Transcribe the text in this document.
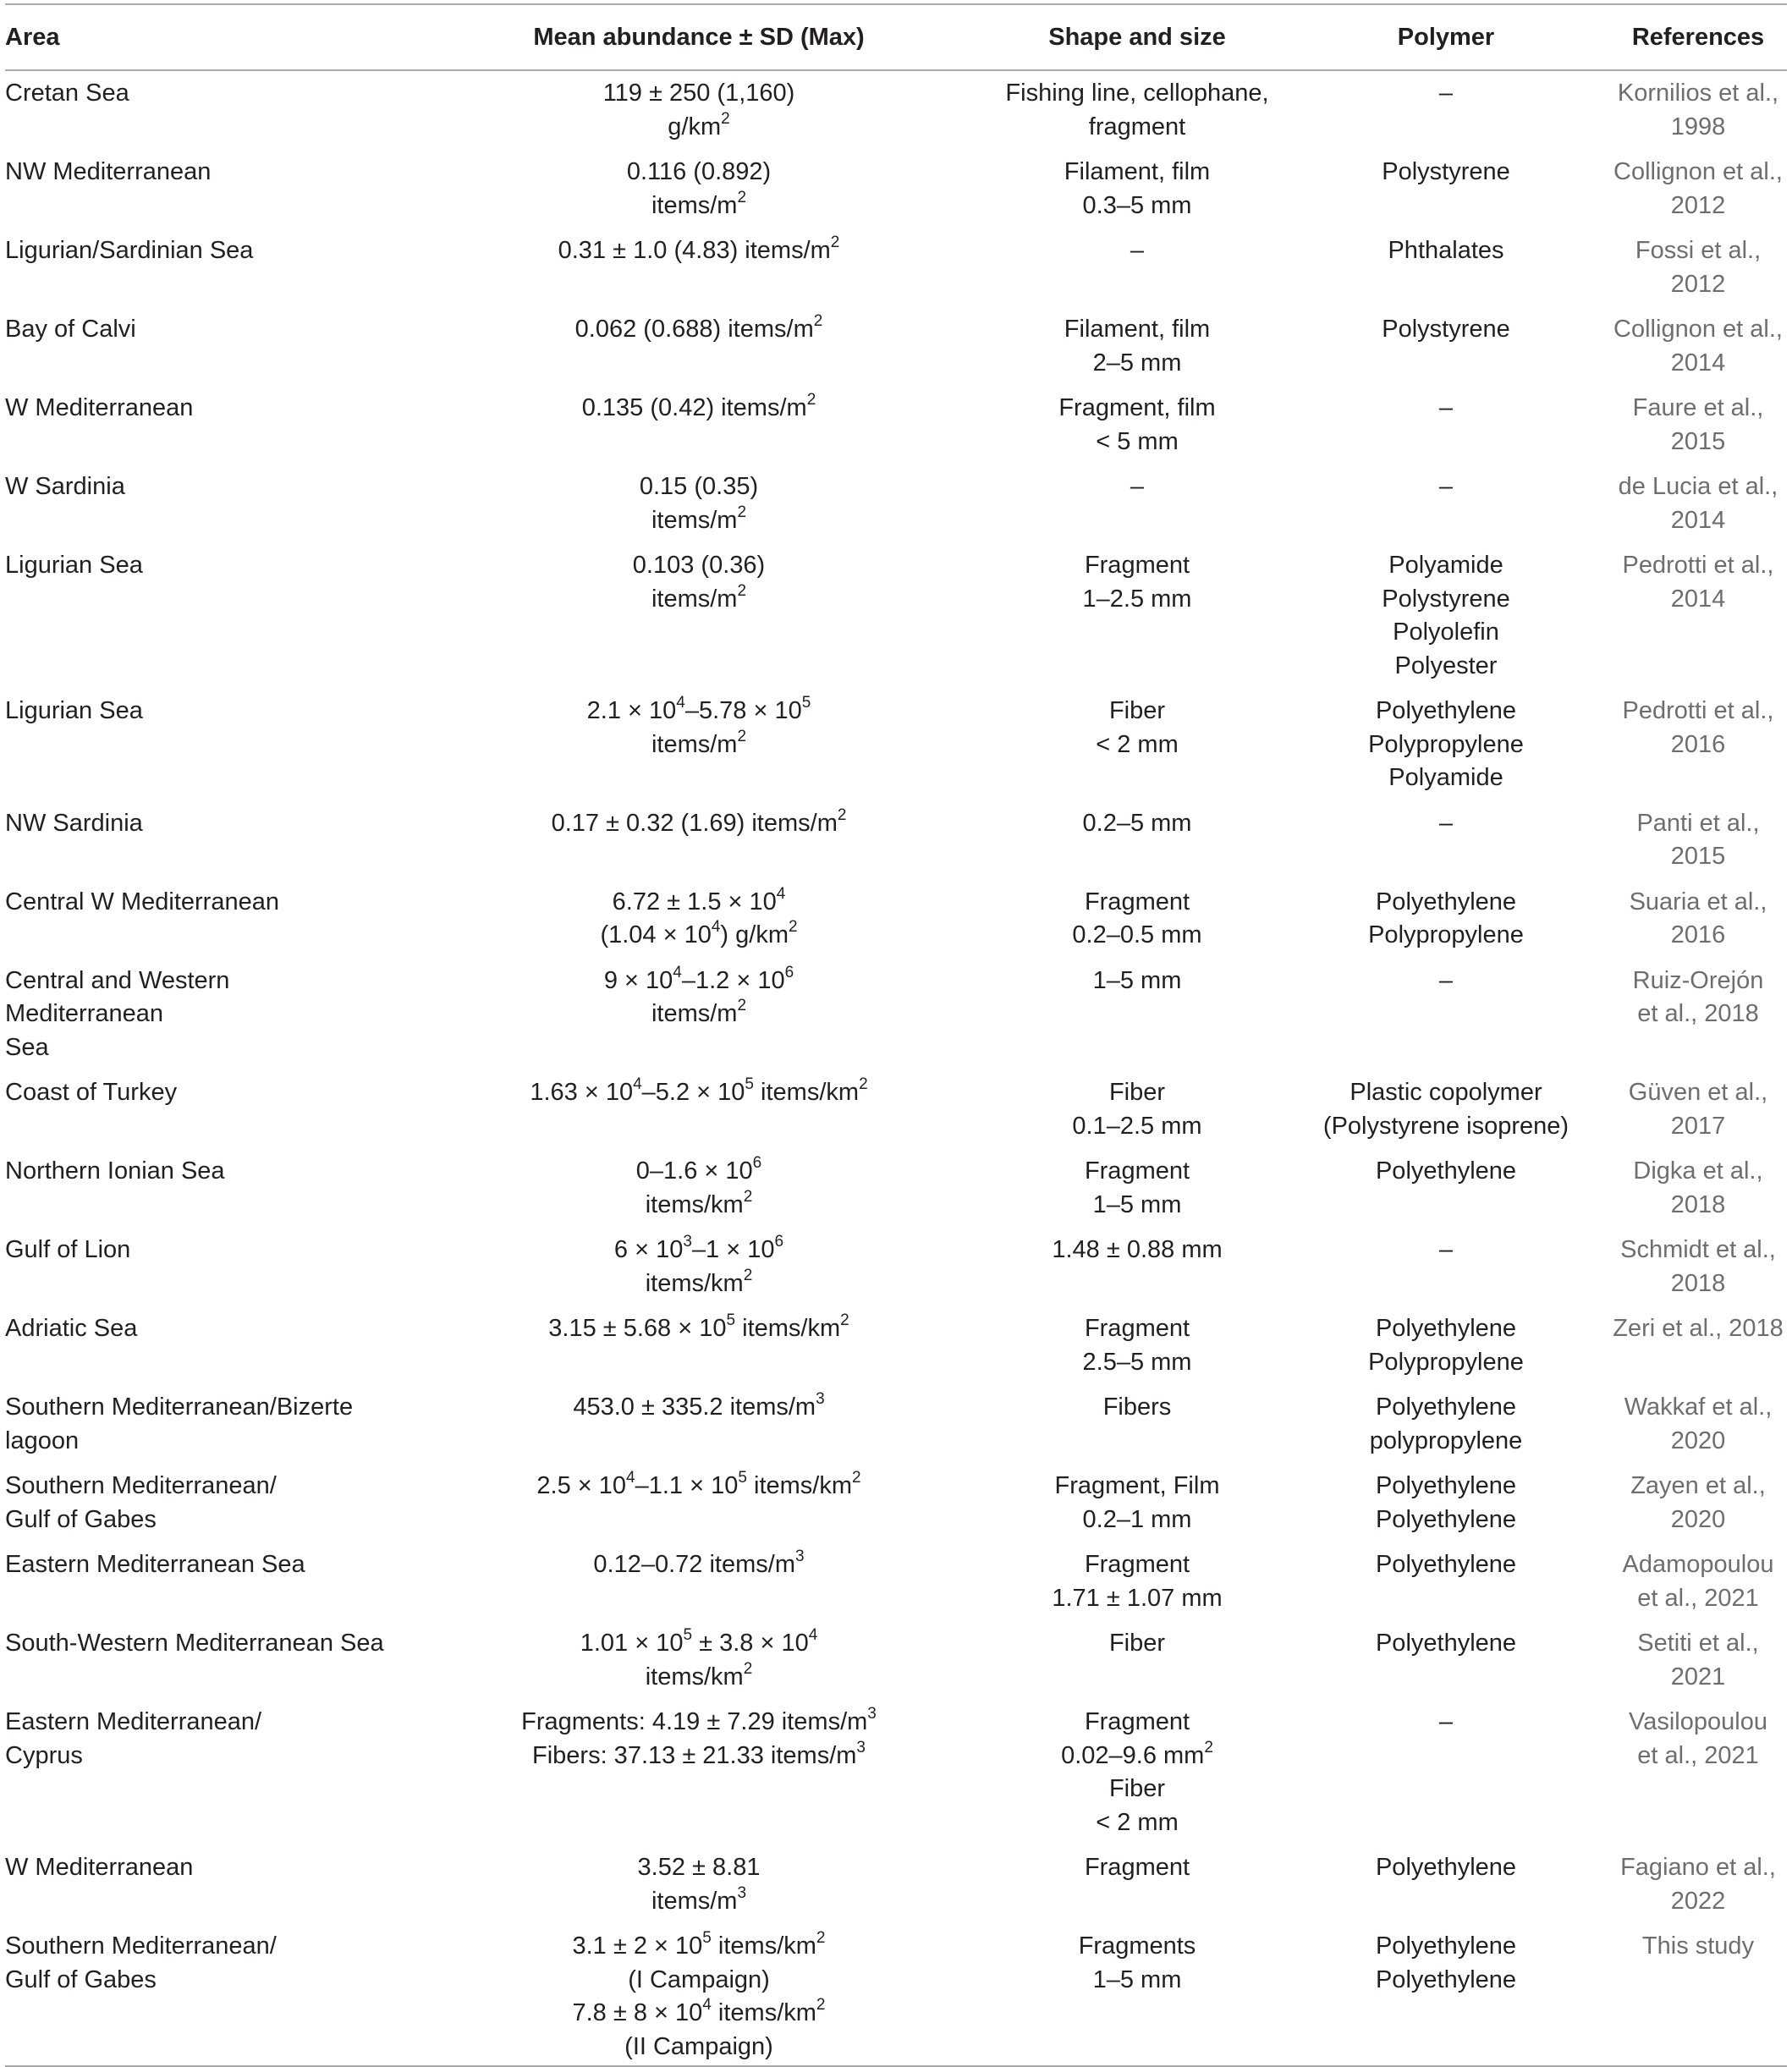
Area	Mean abundance ± SD (Max)	Shape and size	Polymer	References

Cretan Sea	119 ± 250 (1,160)
$g/km^2$	Fishing line, cellophane,
fragment	–	Kornilios et al.,
1998

NW Mediterranean	0.116 (0.892)
items/$m^2$	Filament, film
0.3–5 mm	Polystyrene	Collignon et al.,
2012

Ligurian/Sardinian Sea	0.31 ± 1.0 (4.83) items/$m^2$	–	Phthalates	Fossi et al.,
2012

Bay of Calvi	0.062 (0.688) items/$m^2$	Filament, film
2–5 mm	Polystyrene	Collignon et al.,
2014

W Mediterranean	0.135 (0.42) items/$m^2$	Fragment, film
< 5 mm	–	Faure et al.,
2015

W Sardinia	0.15 (0.35)
items/$m^2$	–	–	de Lucia et al.,
2014

Ligurian Sea	0.103 (0.36)
items/$m^2$	Fragment
1–2.5 mm	Polyamide
Polystyrene
Polyolefin
Polyester	Pedrotti et al.,
2014

Ligurian Sea	$2.1 \times 10^4-5.78 \times 10^5$
items/$m^2$	Fiber
< 2 mm	Polyethylene
Polypropylene
Polyamide	Pedrotti et al.,
2016

NW Sardinia	0.17 ± 0.32 (1.69) items/$m^2$	0.2–5 mm	–	Panti et al.,
2015

Central W Mediterranean	$6.72 \pm 1.5 \times 10^4$
$(1.04 \times 10^4)$ $g/km^2$	Fragment
0.2–0.5 mm	Polyethylene
Polypropylene	Suaria et al.,
2016

Central and Western Mediterranean
Sea	$9 \times 10^4-1.2 \times 10^6$
items/$m^2$	1–5 mm	–	Ruiz-Orejón
et al., 2018

Coast of Turkey	$1.63 \times 10^4-5.2 \times 10^5$ items/$km^2$	Fiber
0.1–2.5 mm	Plastic copolymer
(Polystyrene isoprene)	Güven et al.,
2017

Northern Ionian Sea	$0-1.6 \times 10^6$
items/$km^2$	Fragment
1–5 mm	Polyethylene	Digka et al.,
2018

Gulf of Lion	$6 \times 10^3-1 \times 10^6$
items/$km^2$	1.48 ± 0.88 mm	–	Schmidt et al.,
2018

Adriatic Sea	$3.15 \pm 5.68 \times 10^5$ items/$km^2$	Fragment
2.5–5 mm	Polyethylene
Polypropylene	Zeri et al., 2018

Southern Mediterranean/Bizerte
lagoon	453.0 ± 335.2 items/$m^3$	Fibers	Polyethylene
polypropylene	Wakkaf et al.,
2020

Southern Mediterranean/
Gulf of Gabes	$2.5 \times 10^4-1.1 \times 10^5$ items/$km^2$	Fragment, Film
0.2–1 mm	Polyethylene
Polyethylene	Zayen et al.,
2020

Eastern Mediterranean Sea	0.12–0.72 items/$m^3$	Fragment
1.71 ± 1.07 mm	Polyethylene	Adamopoulou
et al., 2021

South-Western Mediterranean Sea	$1.01 \times 10^5 \pm 3.8 \times 10^4$
items/$km^2$	Fiber	Polyethylene	Setiti et al.,
2021

Eastern Mediterranean/
Cyprus	Fragments: 4.19 ± 7.29 items/$m^3$
Fibers: 37.13 ± 21.33 items/$m^3$	Fragment
0.02–9.6 $mm^2$
Fiber
< 2 mm	–	Vasilopoulou
et al., 2021

W Mediterranean	3.52 ± 8.81
items/$m^3$	Fragment	Polyethylene	Fagiano et al.,
2022

Southern Mediterranean/
Gulf of Gabes	$3.1 \pm 2 \times 10^5$ items/$km^2$
(I Campaign)
$7.8 \pm 8 \times 10^4$ items/$km^2$
(II Campaign)	Fragments
1–5 mm	Polyethylene
Polyethylene	This study
